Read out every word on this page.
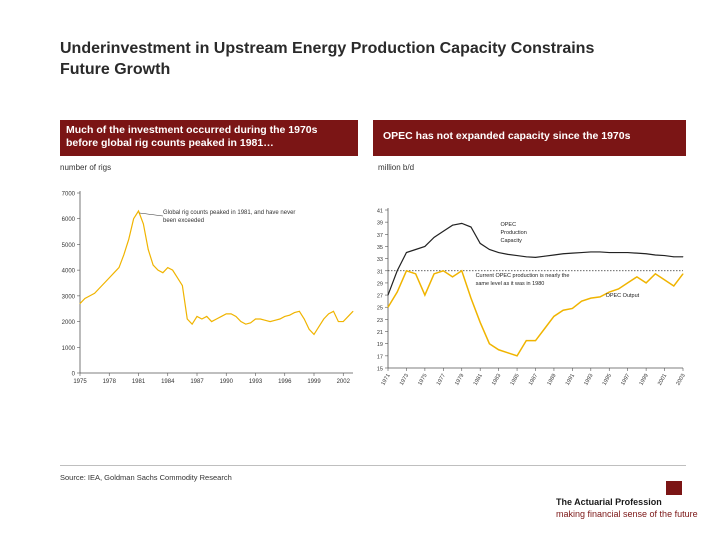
Underinvestment in Upstream Energy Production Capacity Constrains Future Growth
Much of the investment occurred during the 1970s before global rig counts peaked in 1981…
OPEC has not expanded capacity since the 1970s
number of rigs	million b/d
7000
6000
5000
4000
3000
2000
1000
0
1975	1978	1981	1984	1987	1990	1993	1996	1999	2002
Global rig counts peaked in 1981, and have never
been exceeded
41
39
37
35
33
31
29
27
25
23
21
19
17
15
1971 1973 1975 1977 1979 1981 1983 1985 1987 1989 1991 1993 1995 1997 1999 2001 2003
OPEC
Production
Capacity
Current OPEC production is nearly the
same level as it was in 1980
OPEC Output
Source: IEA, Goldman Sachs Commodity Research
The Actuarial Profession
making financial sense of the future
